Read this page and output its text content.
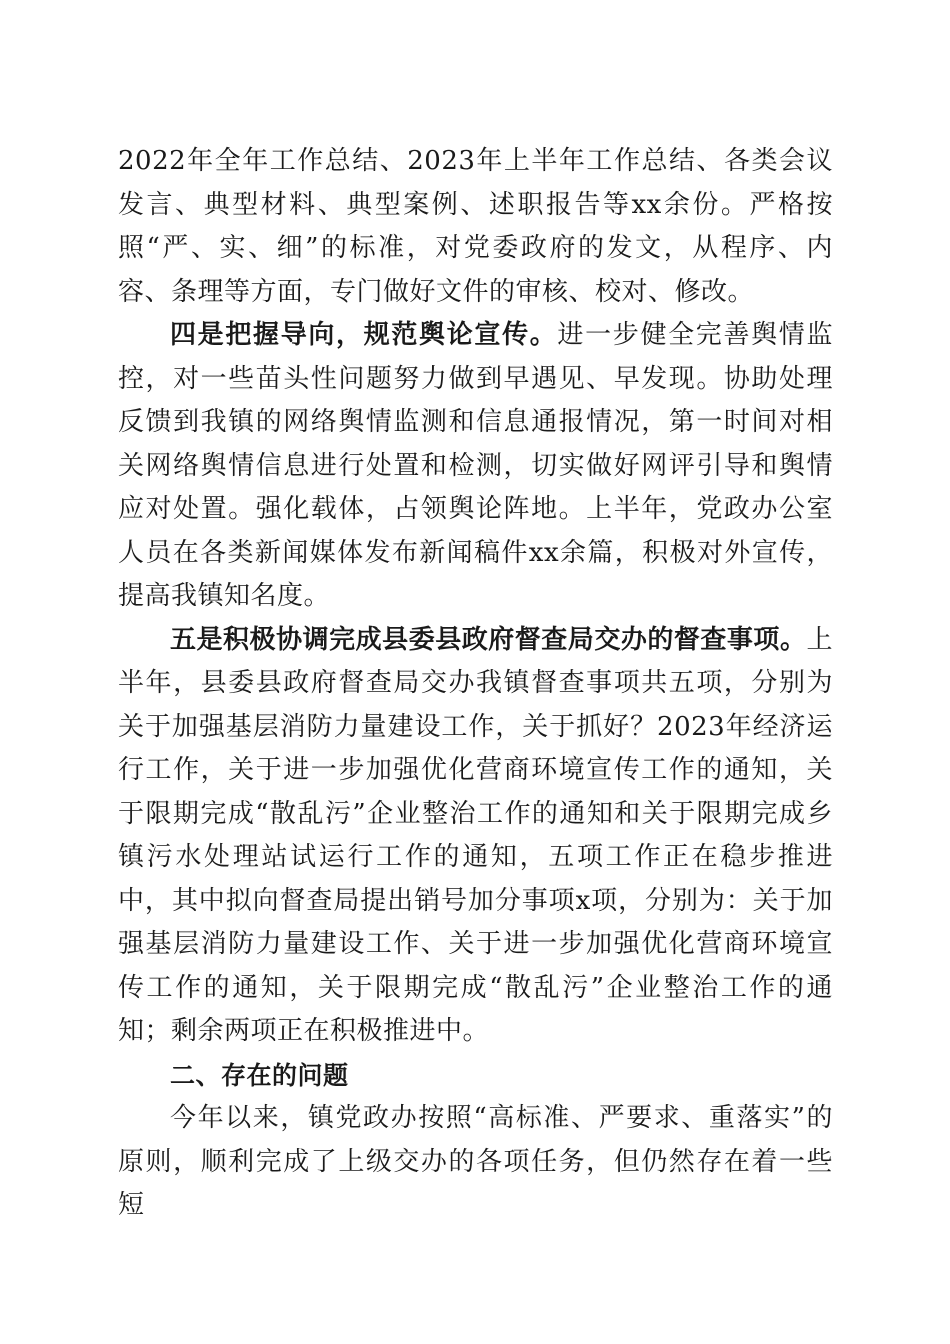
2022年全年工作总结、2023年上半年工作总结、各类会议发言、典型材料、典型案例、述职报告等xx余份。严格按照“严、实、细”的标准，对党委政府的发文，从程序、内容、条理等方面，专门做好文件的审核、校对、修改。

四是把握导向，规范舆论宣传。进一步健全完善舆情监控，对一些苗头性问题努力做到早遇见、早发现。协助处理反馈到我镇的网络舆情监测和信息通报情况，第一时间对相关网络舆情信息进行处置和检测，切实做好网评引导和舆情应对处置。强化载体，占领舆论阵地。上半年，党政办公室人员在各类新闻媒体发布新闻稿件xx余篇，积极对外宣传，提高我镇知名度。

五是积极协调完成县委县政府督查局交办的督查事项。上半年，县委县政府督查局交办我镇督查事项共五项，分别为关于加强基层消防力量建设工作，关于抓好？2023年经济运行工作，关于进一步加强优化营商环境宣传工作的通知，关于限期完成“散乱污”企业整治工作的通知和关于限期完成乡镇污水处理站试运行工作的通知，五项工作正在稳步推进中，其中拟向督查局提出销号加分事项x项，分别为：关于加强基层消防力量建设工作、关于进一步加强优化营商环境宣传工作的通知，关于限期完成“散乱污”企业整治工作的通知；剩余两项正在积极推进中。

二、存在的问题

今年以来，镇党政办按照“高标准、严要求、重落实”的原则，顺利完成了上级交办的各项任务，但仍然存在着一些短
